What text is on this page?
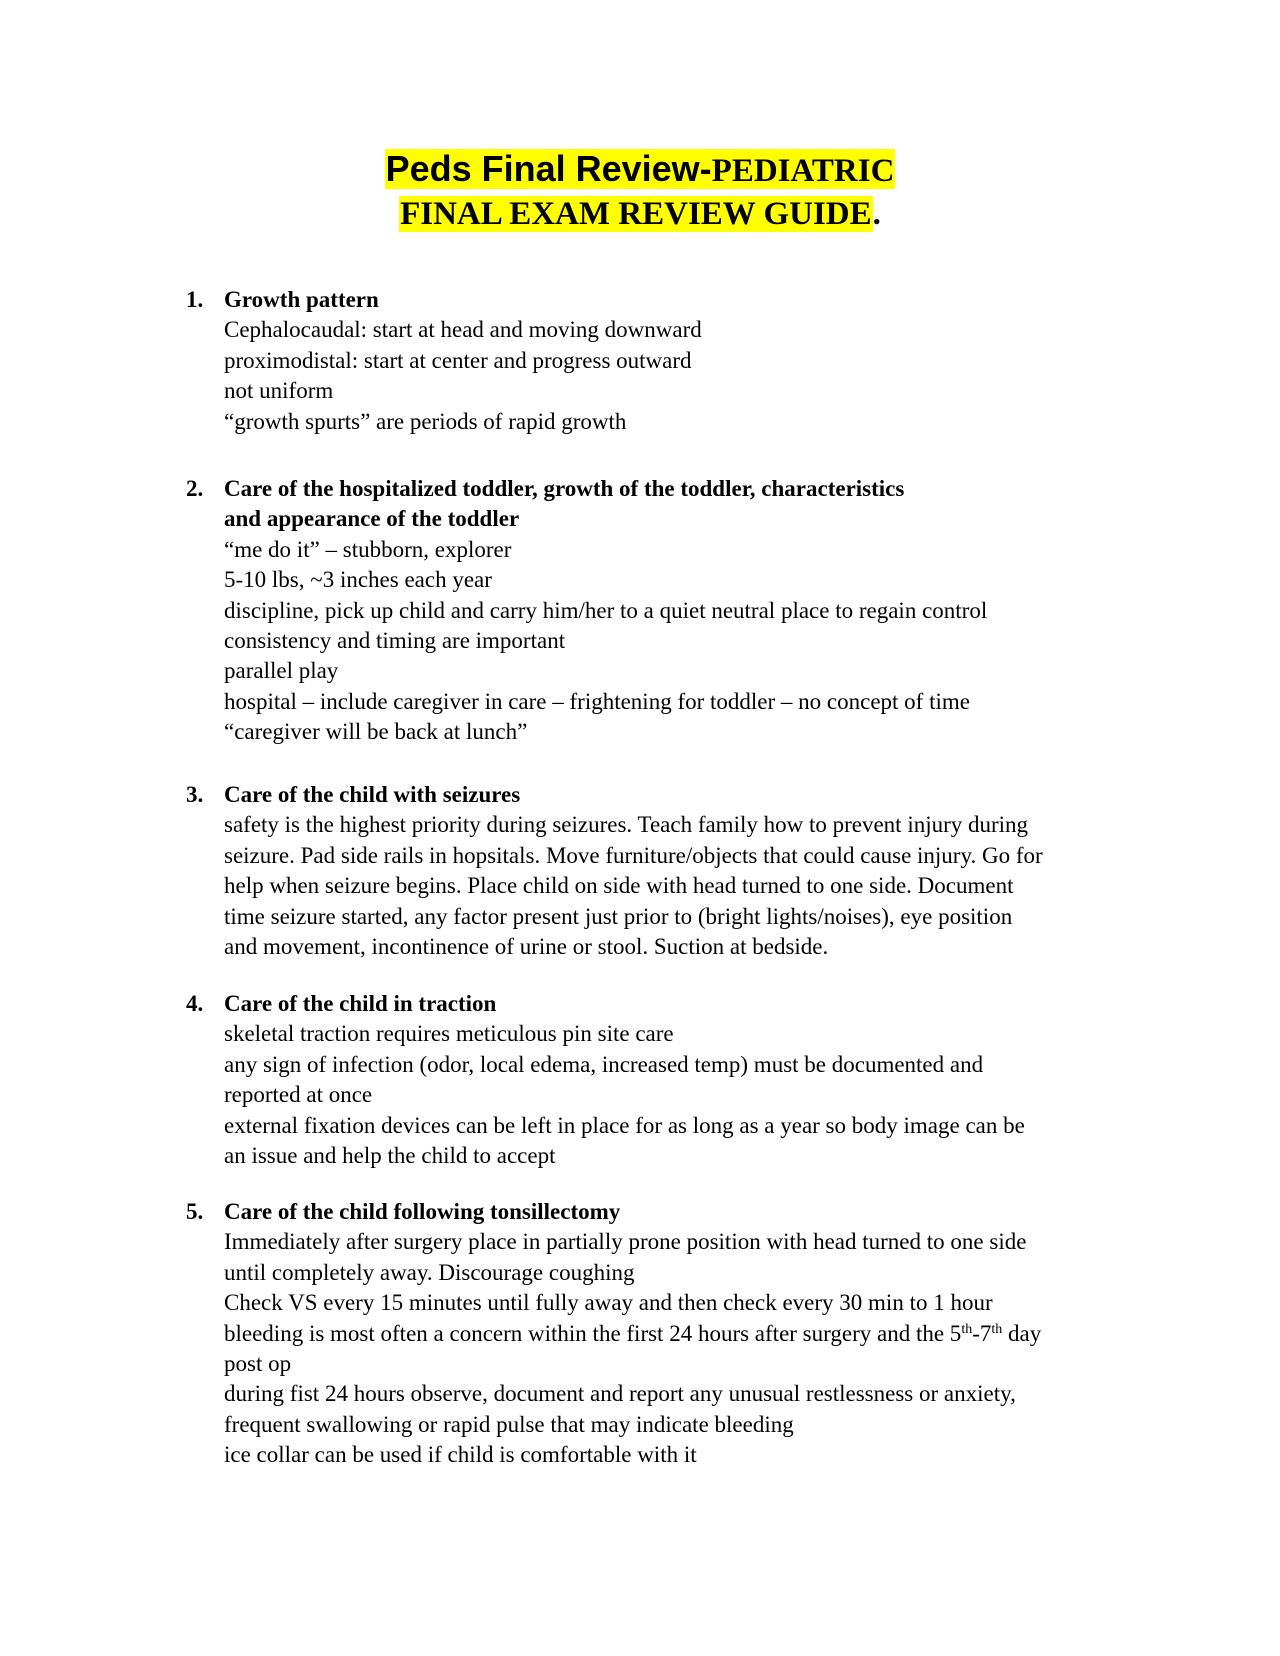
Peds Final Review-PEDIATRIC
FINAL EXAM REVIEW GUIDE.
1. Growth pattern
Cephalocaudal: start at head and moving downward
proximodistal: start at center and progress outward
not uniform
“growth spurts” are periods of rapid growth
2. Care of the hospitalized toddler, growth of the toddler, characteristics
and appearance of the toddler
“me do it” – stubborn, explorer
5-10 lbs, ~3 inches each year
discipline, pick up child and carry him/her to a quiet neutral place to regain control
consistency and timing are important
parallel play
hospital – include caregiver in care – frightening for toddler – no concept of time
“caregiver will be back at lunch”
3. Care of the child with seizures
safety is the highest priority during seizures. Teach family how to prevent injury during
seizure. Pad side rails in hopsitals. Move furniture/objects that could cause injury. Go for
help when seizure begins. Place child on side with head turned to one side. Document
time seizure started, any factor present just prior to (bright lights/noises), eye position
and movement, incontinence of urine or stool. Suction at bedside.
4. Care of the child in traction
skeletal traction requires meticulous pin site care
any sign of infection (odor, local edema, increased temp) must be documented and
reported at once
external fixation devices can be left in place for as long as a year so body image can be
an issue and help the child to accept
5. Care of the child following tonsillectomy
Immediately after surgery place in partially prone position with head turned to one side
until completely away. Discourage coughing
Check VS every 15 minutes until fully away and then check every 30 min to 1 hour
bleeding is most often a concern within the first 24 hours after surgery and the 5th-7th day
post op
during fist 24 hours observe, document and report any unusual restlessness or anxiety,
frequent swallowing or rapid pulse that may indicate bleeding
ice collar can be used if child is comfortable with it
